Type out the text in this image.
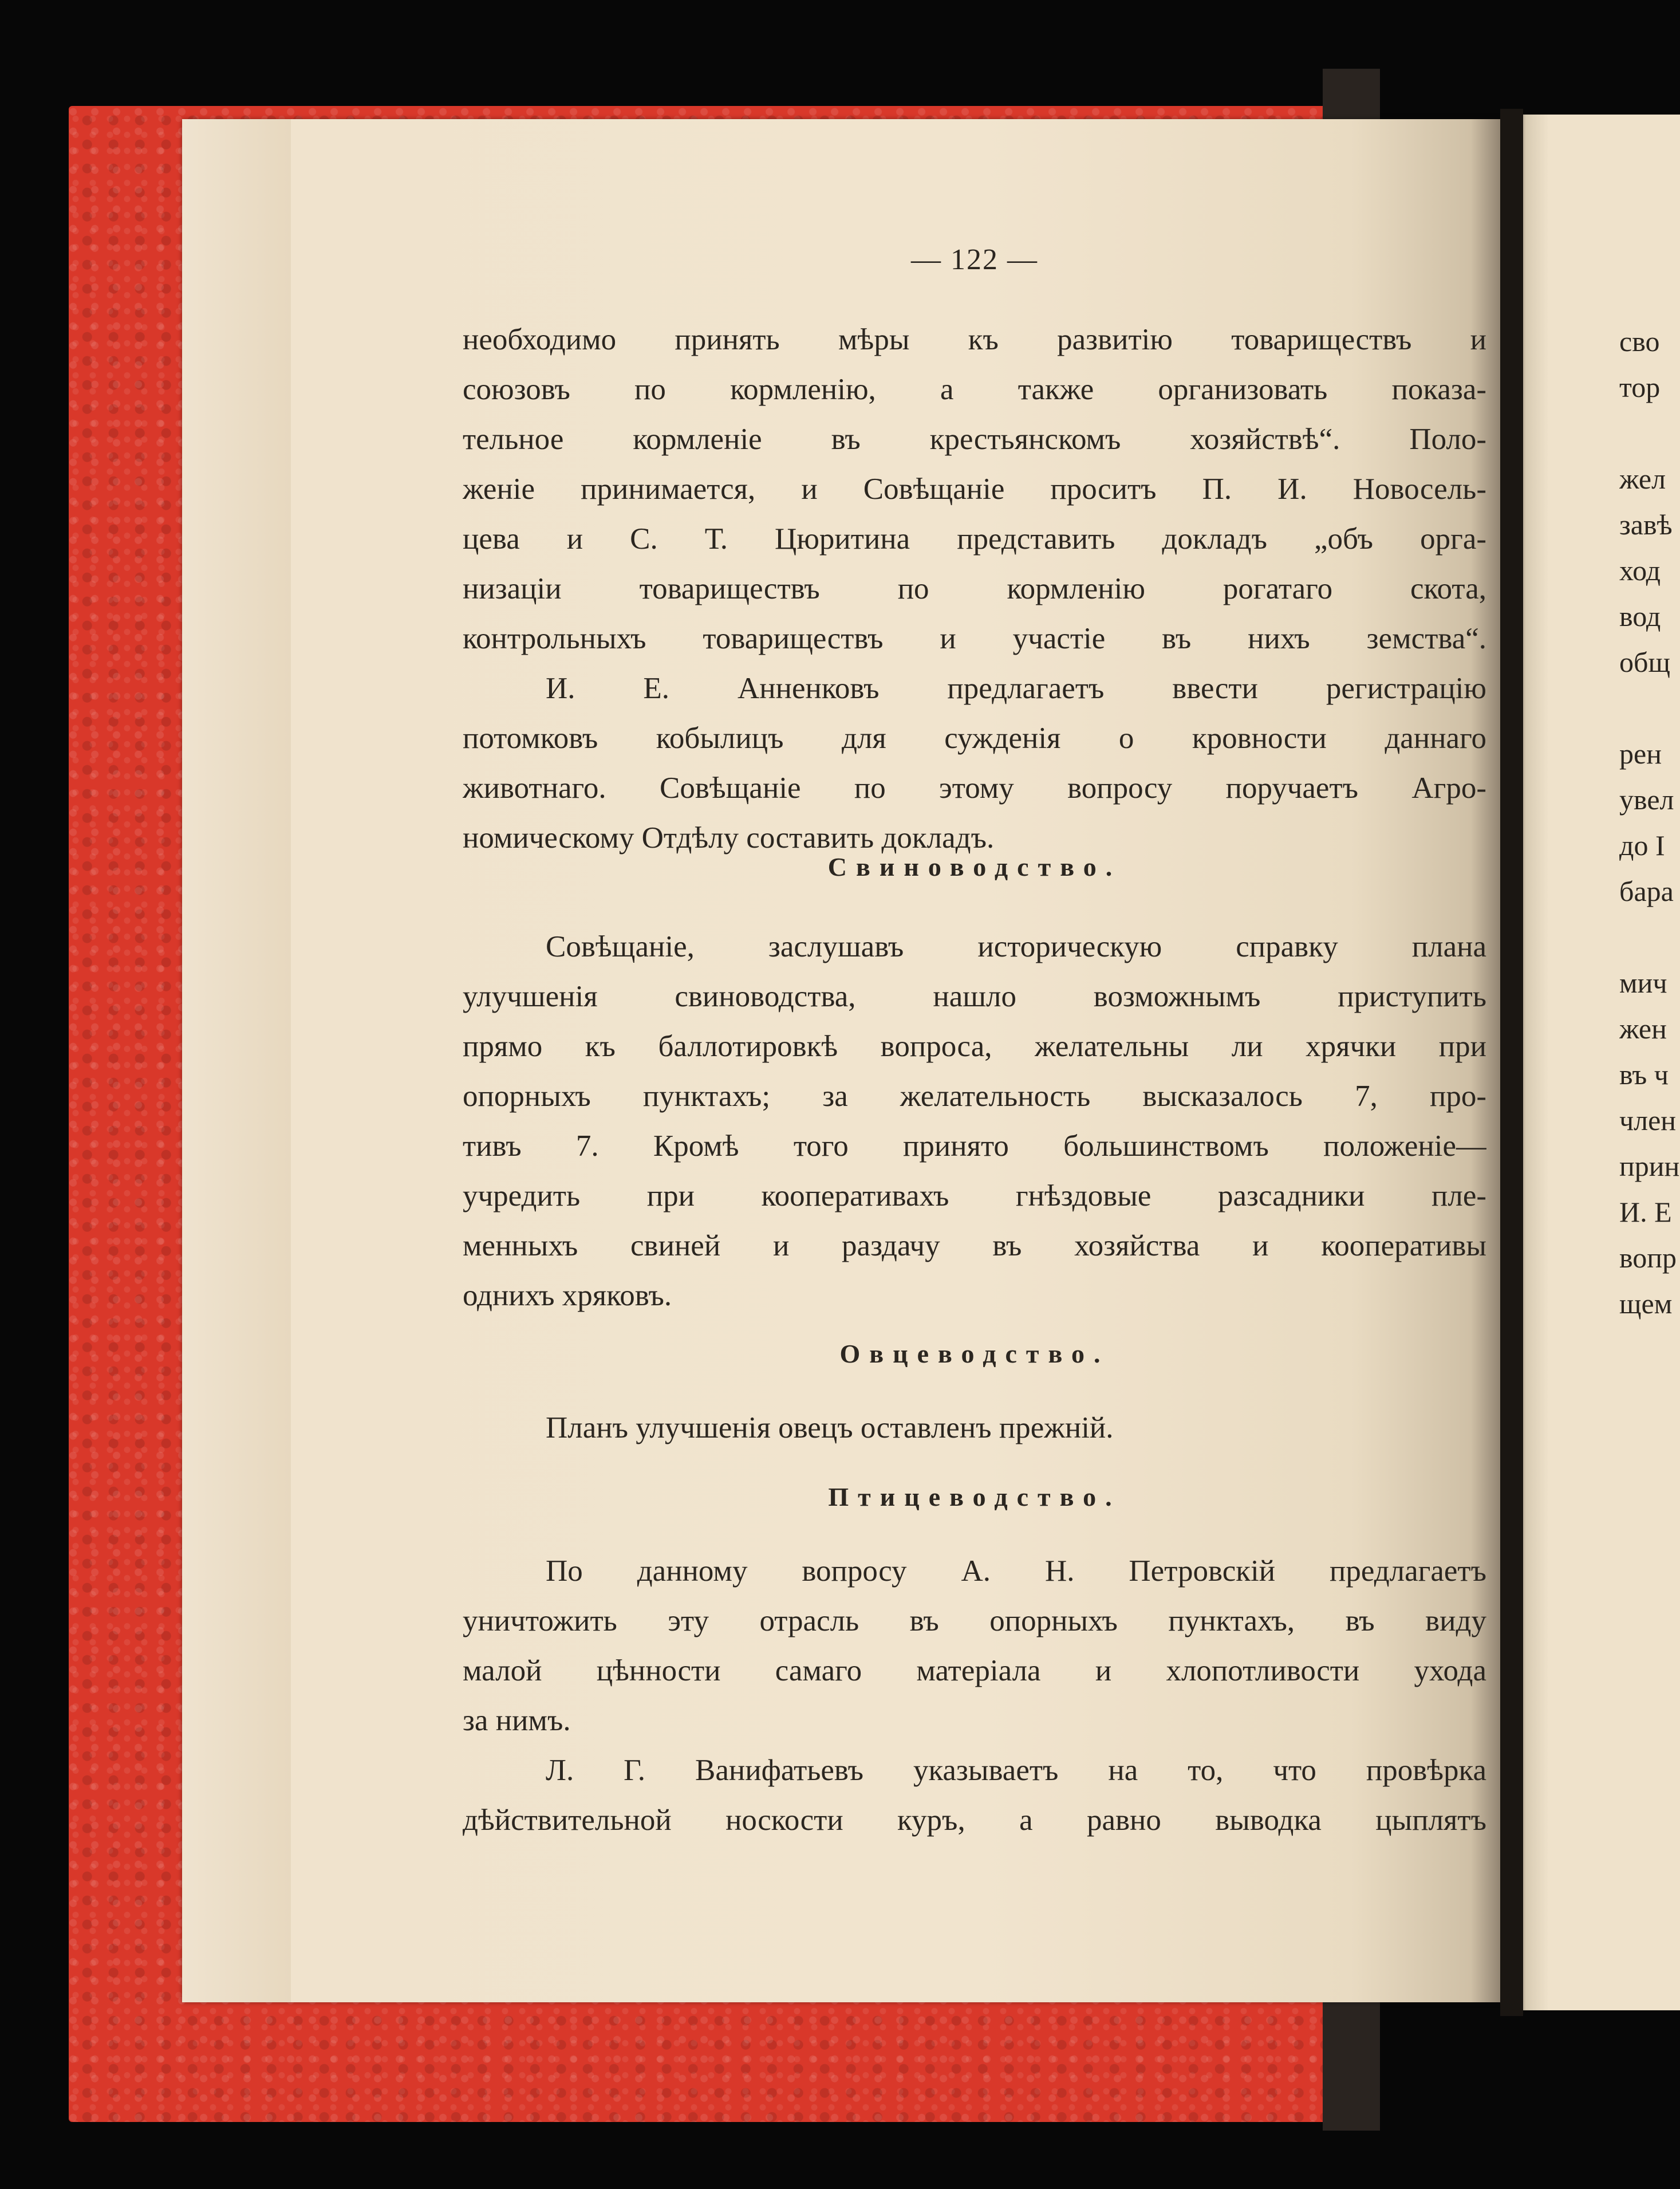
— 122 —
необходимо принять мѣры къ развитію товариществъ и
союзовъ по кормленію, а также организовать показа-
тельное кормленіе въ крестьянскомъ хозяйствѣ“. Поло-
женіе принимается, и Совѣщаніе проситъ П. И. Новосель-
цева и С. Т. Цюритина представить докладъ „объ орга-
низаціи товариществъ по кормленію рогатаго скота,
контрольныхъ товариществъ и участіе въ нихъ земства“.
И. Е. Анненковъ предлагаетъ ввести регистрацію
потомковъ кобылицъ для сужденія о кровности даннаго
животнаго. Совѣщаніе по этому вопросу поручаетъ Агро-
номическому Отдѣлу составить докладъ.
Свиноводство.
Совѣщаніе, заслушавъ историческую справку плана
улучшенія свиноводства, нашло возможнымъ приступить
прямо къ баллотировкѣ вопроса, желательны ли хрячки при
опорныхъ пунктахъ; за желательность высказалось 7, про-
тивъ 7. Кромѣ того принято большинствомъ положеніе—
учредить при кооперативахъ гнѣздовые разсадники пле-
менныхъ свиней и раздачу въ хозяйства и кооперативы
однихъ хряковъ.
Овцеводство.
Планъ улучшенія овецъ оставленъ прежній.
Птицеводство.
По данному вопросу А. Н. Петровскій предлагаетъ
уничтожить эту отрасль въ опорныхъ пунктахъ, въ виду
малой цѣнности самаго матеріала и хлопотливости ухода
за нимъ.
Л. Г. Ванифатьевъ указываетъ на то, что провѣрка
дѣйствительной носкости куръ, а равно выводка цыплятъ
сво
тор

жел
завѣ
ход
вод
общ

рен
увел
до I
бара

мич
жен
въ ч
член
прин
И. Е
вопр
щем
